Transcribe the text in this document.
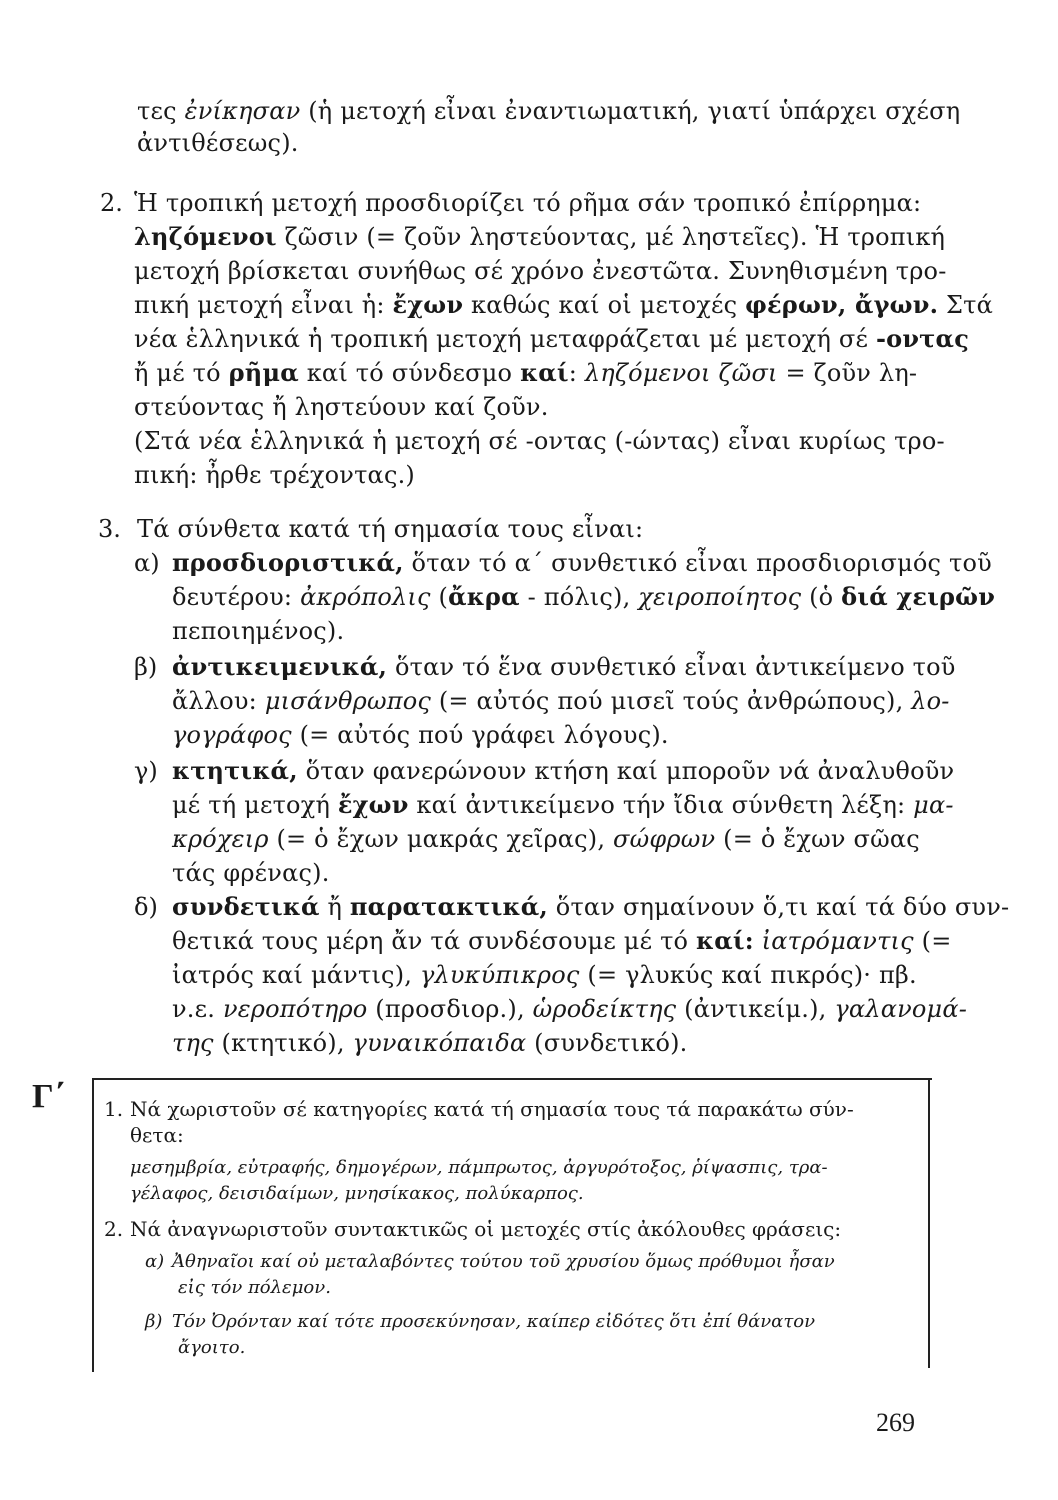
τες ἐνίκησαν (ἡ μετοχή εἶναι ἐναντιωματική, γιατί ὑπάρχει σχέση
ἀντιθέσεως).
2. Ἡ τροπική μετοχή προσδιορίζει τό ρῆμα σάν τροπικό ἐπίρρημα:
ληζόμενοι ζῶσιν (= ζοῦν ληστεύοντας, μέ ληστεῖες). Ἡ τροπική
μετοχή βρίσκεται συνήθως σέ χρόνο ἐνεστῶτα. Συνηθισμένη τρο-
πική μετοχή εἶναι ἡ: ἔχων καθώς καί οἱ μετοχές φέρων, ἄγων. Στά
νέα ἑλληνικά ἡ τροπική μετοχή μεταφράζεται μέ μετοχή σέ -οντας
ἤ μέ τό ρῆμα καί τό σύνδεσμο καί: ληζόμενοι ζῶσι = ζοῦν λη-
στεύοντας ἤ ληστεύουν καί ζοῦν.
(Στά νέα ἑλληνικά ἡ μετοχή σέ -οντας (-ώντας) εἶναι κυρίως τρο-
πική: ἦρθε τρέχοντας.)
3. Τά σύνθετα κατά τή σημασία τους εἶναι:
α) προσδιοριστικά, ὅταν τό α΄ συνθετικό εἶναι προσδιορισμός τοῦ
δευτέρου: ἀκρόπολις (ἄκρα - πόλις), χειροποίητος (ὁ διά χειρῶν
πεποιημένος).
β) ἀντικειμενικά, ὅταν τό ἕνα συνθετικό εἶναι ἀντικείμενο τοῦ
ἄλλου: μισάνθρωπος (= αὐτός πού μισεῖ τούς ἀνθρώπους), λο-
γογράφος (= αὐτός πού γράφει λόγους).
γ) κτητικά, ὅταν φανερώνουν κτήση καί μποροῦν νά ἀναλυθοῦν
μέ τή μετοχή ἔχων καί ἀντικείμενο τήν ἴδια σύνθετη λέξη: μα-
κρόχειρ (= ὁ ἔχων μακράς χεῖρας), σώφρων (= ὁ ἔχων σῶας
τάς φρένας).
δ) συνδετικά ἤ παρατακτικά, ὅταν σημαίνουν ὅ,τι καί τά δύο συν-
θετικά τους μέρη ἄν τά συνδέσουμε μέ τό καί: ἰατρόμαντις (=
ἰατρός καί μάντις), γλυκύπικρος (= γλυκύς καί πικρός)· πβ.
ν.ε. νεροπότηρο (προσδιορ.), ὡροδείκτης (ἀντικείμ.), γαλανομά-
της (κτητικό), γυναικόπαιδα (συνδετικό).
Γ΄ 1. Νά χωριστοῦν σέ κατηγορίες κατά τή σημασία τους τά παρακάτω σύν-
θετα:
μεσημβρία, εὐτραφής, δημογέρων, πάμπρωτος, ἀργυρότοξος, ῥίψασπις, τρα-
γέλαφος, δεισιδαίμων, μνησίκακος, πολύκαρπος.
2. Νά ἀναγνωριστοῦν συντακτικῶς οἱ μετοχές στίς ἀκόλουθες φράσεις:
α) Ἀθηναῖοι καί οὐ μεταλαβόντες τούτου τοῦ χρυσίου ὅμως πρόθυμοι ἦσαν
εἰς τόν πόλεμον.
β) Τόν Ὀρόνταν καί τότε προσεκύνησαν, καίπερ εἰδότες ὅτι ἐπί θάνατον
ἄγοιτο.
269
